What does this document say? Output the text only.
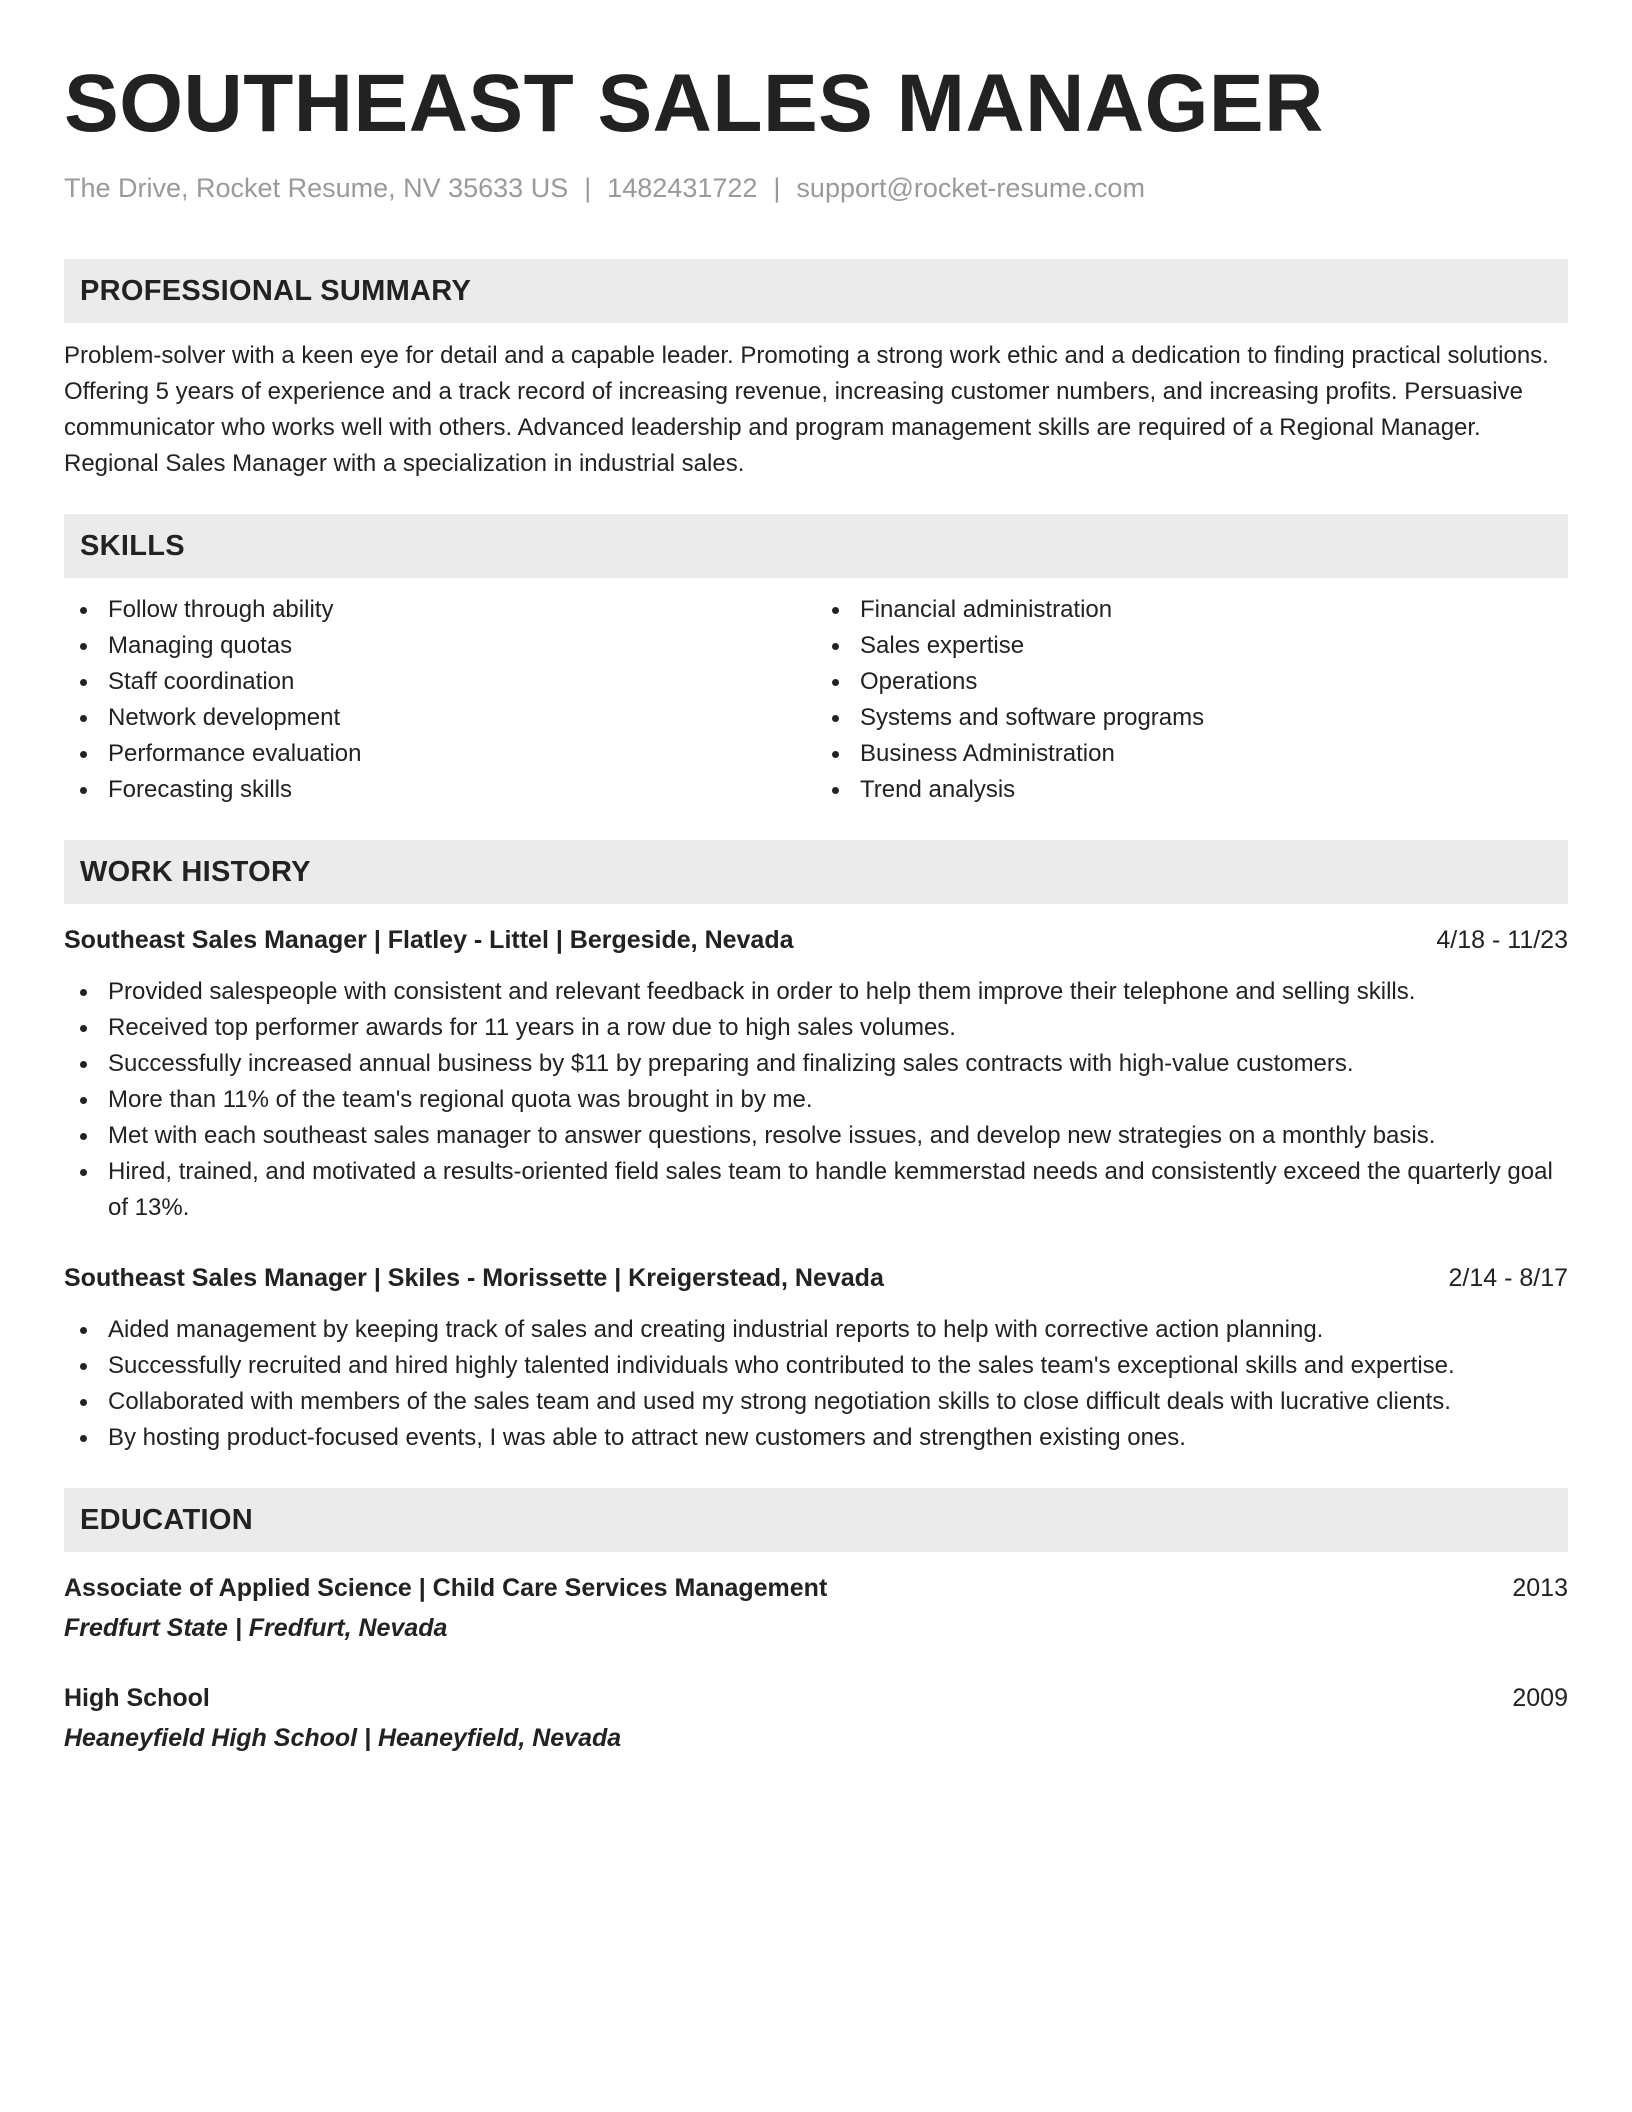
SOUTHEAST SALES MANAGER
The Drive, Rocket Resume, NV 35633 US | 1482431722 | support@rocket-resume.com
PROFESSIONAL SUMMARY
Problem-solver with a keen eye for detail and a capable leader. Promoting a strong work ethic and a dedication to finding practical solutions. Offering 5 years of experience and a track record of increasing revenue, increasing customer numbers, and increasing profits. Persuasive communicator who works well with others. Advanced leadership and program management skills are required of a Regional Manager. Regional Sales Manager with a specialization in industrial sales.
SKILLS
Follow through ability
Managing quotas
Staff coordination
Network development
Performance evaluation
Forecasting skills
Financial administration
Sales expertise
Operations
Systems and software programs
Business Administration
Trend analysis
WORK HISTORY
Southeast Sales Manager | Flatley - Littel | Bergeside, Nevada	4/18 - 11/23
Provided salespeople with consistent and relevant feedback in order to help them improve their telephone and selling skills.
Received top performer awards for 11 years in a row due to high sales volumes.
Successfully increased annual business by $11 by preparing and finalizing sales contracts with high-value customers.
More than 11% of the team's regional quota was brought in by me.
Met with each southeast sales manager to answer questions, resolve issues, and develop new strategies on a monthly basis.
Hired, trained, and motivated a results-oriented field sales team to handle kemmerstad needs and consistently exceed the quarterly goal of 13%.
Southeast Sales Manager | Skiles - Morissette | Kreigerstead, Nevada	2/14 - 8/17
Aided management by keeping track of sales and creating industrial reports to help with corrective action planning.
Successfully recruited and hired highly talented individuals who contributed to the sales team's exceptional skills and expertise.
Collaborated with members of the sales team and used my strong negotiation skills to close difficult deals with lucrative clients.
By hosting product-focused events, I was able to attract new customers and strengthen existing ones.
EDUCATION
Associate of Applied Science | Child Care Services Management	2013
Fredfurt State | Fredfurt, Nevada
High School	2009
Heaneyfield High School | Heaneyfield, Nevada
